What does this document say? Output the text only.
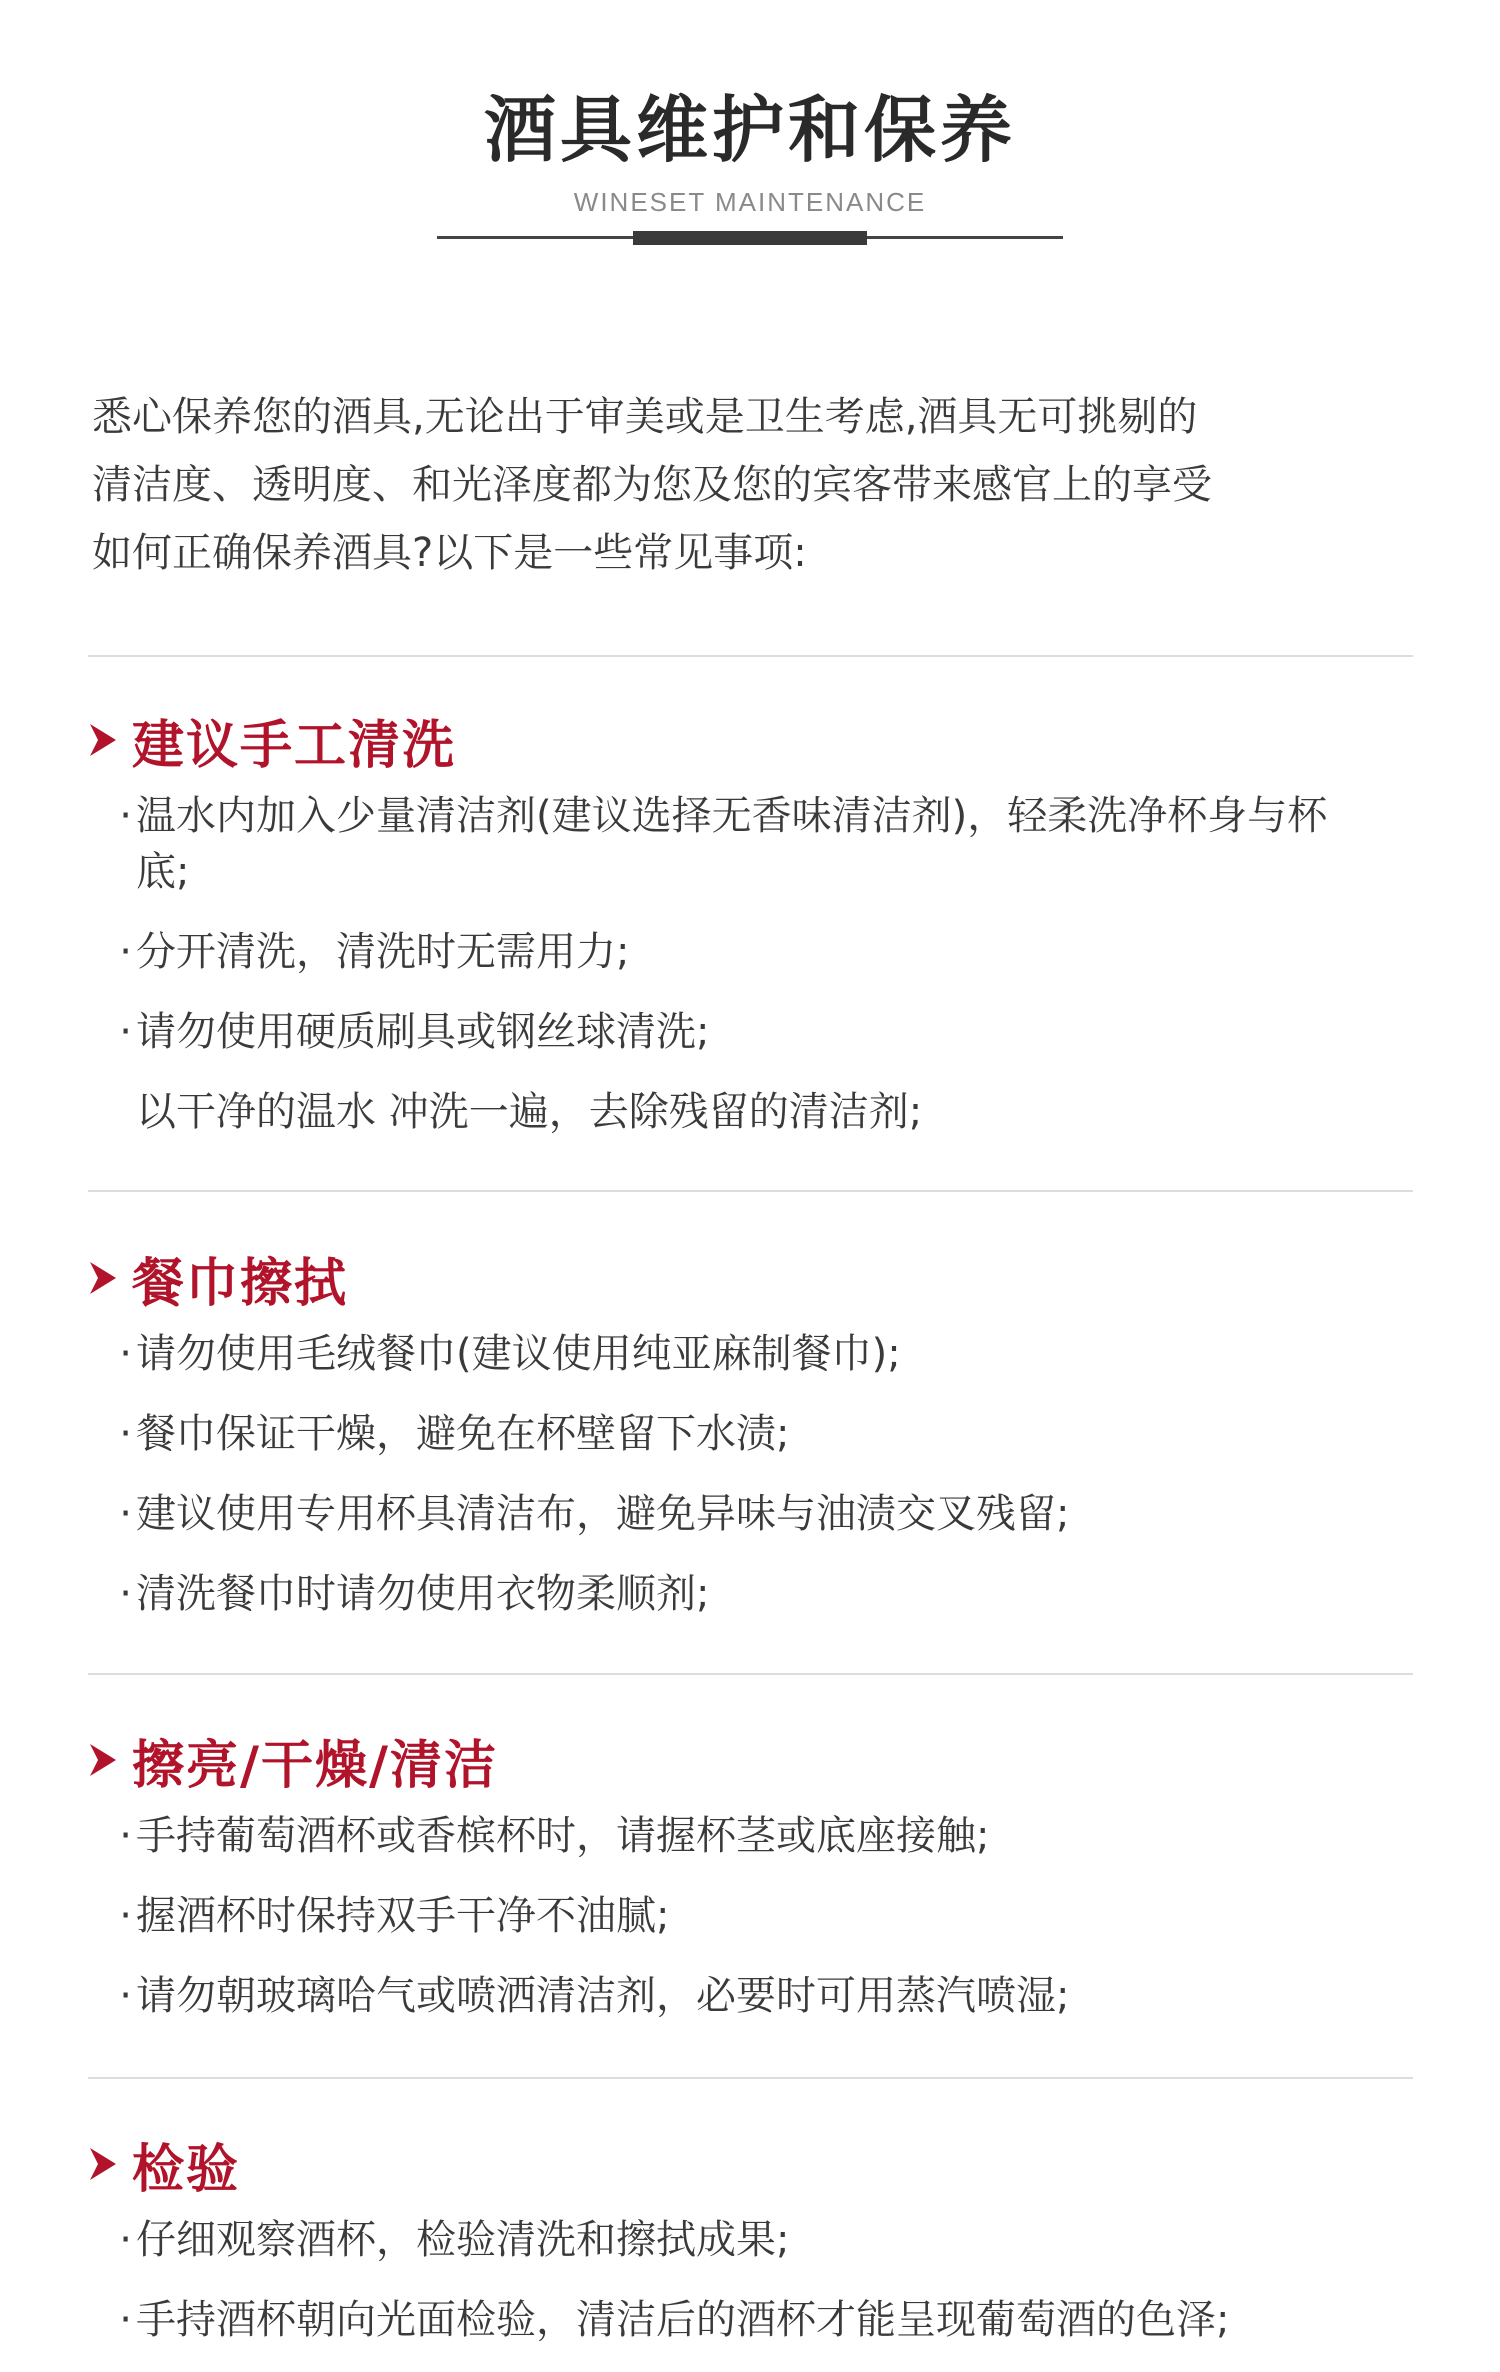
酒具维护和保养
WINESET MAINTENANCE

悉心保养您的酒具,无论出于审美或是卫生考虑,酒具无可挑剔的

清洁度、透明度、和光泽度都为您及您的宾客带来感官上的享受

如何正确保养酒具?以下是一些常见事项:

建议手工清洗
· 温水内加入少量清洁剂(建议选择无香味清洁剂)，轻柔洗净杯身与杯底;
· 分开清洗，清洗时无需用力;
· 请勿使用硬质刷具或钢丝球清洗;
以干净的温水 冲洗一遍，去除残留的清洁剂;
餐巾擦拭
· 请勿使用毛绒餐巾(建议使用纯亚麻制餐巾);
· 餐巾保证干燥，避免在杯壁留下水渍;
· 建议使用专用杯具清洁布，避免异味与油渍交叉残留;
· 清洗餐巾时请勿使用衣物柔顺剂;
擦亮/干燥/清洁
· 手持葡萄酒杯或香槟杯时，请握杯茎或底座接触;
· 握酒杯时保持双手干净不油腻;
· 请勿朝玻璃哈气或喷洒清洁剂，必要时可用蒸汽喷湿;
检验
· 仔细观察酒杯，检验清洗和擦拭成果;
· 手持酒杯朝向光面检验，清洁后的酒杯才能呈现葡萄酒的色泽;
